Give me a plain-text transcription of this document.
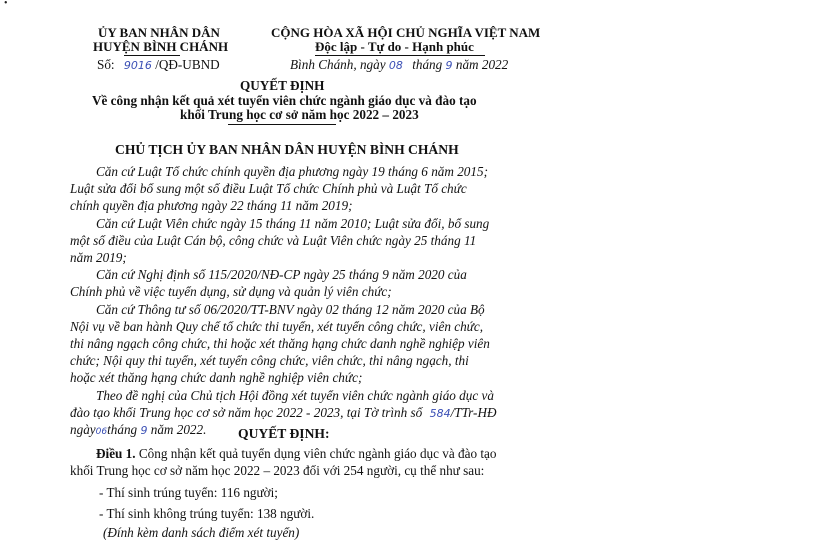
•
ỦY BAN NHÂN DÂN
HUYỆN BÌNH CHÁNH
Số: 9016 /QĐ-UBND
CỘNG HÒA XÃ HỘI CHỦ NGHĨA VIỆT NAM
Độc lập - Tự do - Hạnh phúc
Bình Chánh, ngày 08 tháng 9 năm 2022
QUYẾT ĐỊNH
Về công nhận kết quả xét tuyển viên chức ngành giáo dục và đào tạo
khối Trung học cơ sở năm học 2022 – 2023
CHỦ TỊCH ỦY BAN NHÂN DÂN HUYỆN BÌNH CHÁNH
Căn cứ Luật Tổ chức chính quyền địa phương ngày 19 tháng 6 năm 2015;
Luật sửa đổi bổ sung một số điều Luật Tổ chức Chính phủ và Luật Tổ chức
chính quyền địa phương ngày 22 tháng 11 năm 2019;
Căn cứ Luật Viên chức ngày 15 tháng 11 năm 2010; Luật sửa đổi, bổ sung
một số điều của Luật Cán bộ, công chức và Luật Viên chức ngày 25 tháng 11
năm 2019;
Căn cứ Nghị định số 115/2020/NĐ-CP ngày 25 tháng 9 năm 2020 của
Chính phủ về việc tuyển dụng, sử dụng và quản lý viên chức;
Căn cứ Thông tư số 06/2020/TT-BNV ngày 02 tháng 12 năm 2020 của Bộ
Nội vụ về ban hành Quy chế tổ chức thi tuyển, xét tuyển công chức, viên chức,
thi nâng ngạch công chức, thi hoặc xét thăng hạng chức danh nghề nghiệp viên
chức; Nội quy thi tuyển, xét tuyển công chức, viên chức, thi nâng ngạch, thi
hoặc xét thăng hạng chức danh nghề nghiệp viên chức;
Theo đề nghị của Chủ tịch Hội đồng xét tuyển viên chức ngành giáo dục và
đào tạo khối Trung học cơ sở năm học 2022 - 2023, tại Tờ trình số 584/TTr-HĐ
ngày06tháng 9 năm 2022. QUYẾT ĐỊNH:
Điều 1. Công nhận kết quả tuyển dụng viên chức ngành giáo dục và đào tạo
khối Trung học cơ sở năm học 2022 – 2023 đối với 254 người, cụ thể như sau:
- Thí sinh trúng tuyển: 116 người;
- Thí sinh không trúng tuyển: 138 người.
(Đính kèm danh sách điểm xét tuyển)
